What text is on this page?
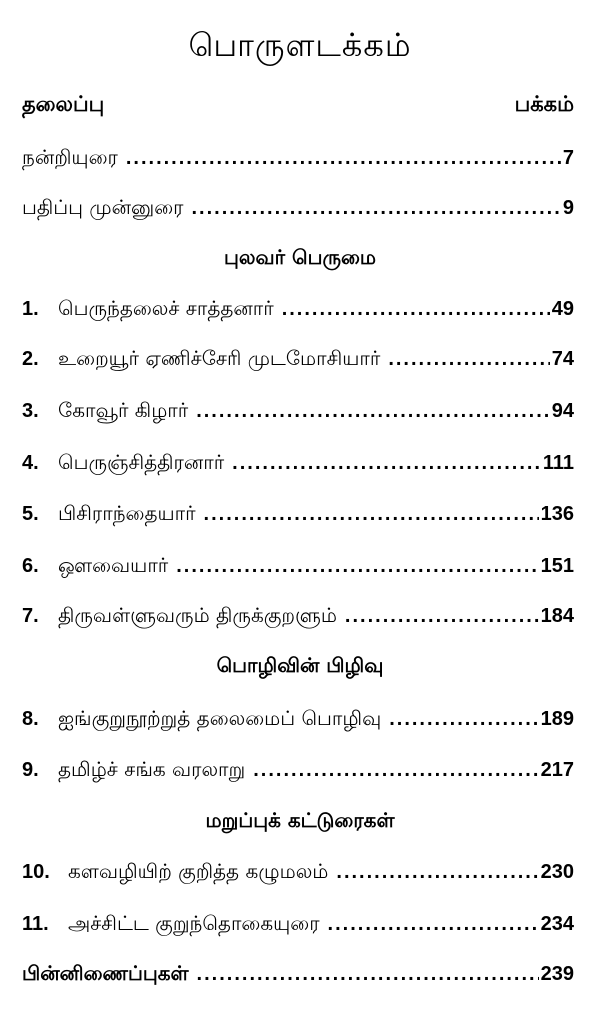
பொருளடக்கம்
தலைப்பு	பக்கம்
நன்றியுரை .....	7
பதிப்பு முன்னுரை .....	9
புலவர் பெருமை
1. பெருந்தலைச் சாத்தனார் .....	49
2. உறையூர் ஏணிச்சேரி முடமோசியார் .....	74
3. கோவூர் கிழார் .....	94
4. பெருஞ்சித்திரனார் .....	111
5. பிசிராந்தையார் .....	136
6. ஔவையார் .....	151
7. திருவள்ளுவரும் திருக்குறளும் .....	184
பொழிவின் பிழிவு
8. ஐங்குறுநூற்றுத் தலைமைப் பொழிவு .....	189
9. தமிழ்ச் சங்க வரலாறு .....	217
மறுப்புக் கட்டுரைகள்
10. களவழியிற் குறித்த கழுமலம் .....	230
11. அச்சிட்ட குறுந்தொகையுரை .....	234
பின்னிணைப்புகள் .....	239
